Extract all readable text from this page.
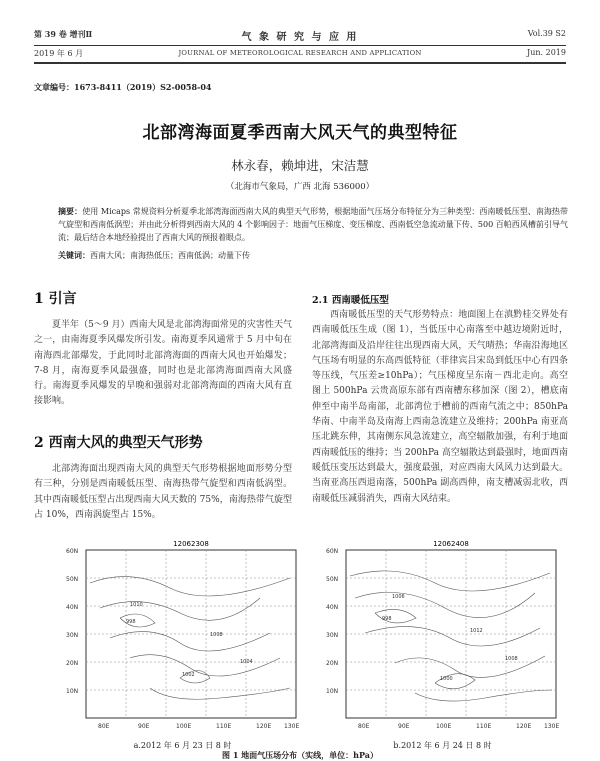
第 39 卷 增刊Ⅱ	气 象 研 究 与 应 用	Vol.39 S2
2019 年 6 月	JOURNAL OF METEOROLOGICAL RESEARCH AND APPLICATION	Jun. 2019
文章编号：1673-8411（2019）S2-0058-04
北部湾海面夏季西南大风天气的典型特征
林永春，赖坤进，宋洁慧
（北海市气象局，广西 北海 536000）
摘要：使用 Micaps 常规资料分析夏季北部湾海面西南大风的典型天气形势，根据地面气压场分布特征分为三种类型：西南暖低压型、南海热带气旋型和西南低涡型；并由此分析得到西南大风的 4 个影响因子：地面气压梯度、变压梯度、西南低空急流动量下传、500 百帕西风槽前引导气流；最后结合本地经验提出了西南大风的预报着眼点。
关键词：西南大风；南海热低压；西南低涡；动量下传
1 引言
夏半年（5～9 月）西南大风是北部湾海面常见的灾害性天气之一，由南海夏季风爆发所引发。南海夏季风通常于 5 月中旬在南海西北部爆发，于此同时北部湾海面的西南大风也开始爆发；7-8 月，南海夏季风最强盛，同时也是北部湾海面西南大风盛行。南海夏季风爆发的早晚和强弱对北部湾海面的西南大风有直接影响。
2 西南大风的典型天气形势
北部湾海面出现西南大风的典型天气形势根据地面形势分型有三种，分别是西南暖低压型、南海热带气旋型和西南低涡型。其中西南暖低压型占出现西南大风天数的 75%，南海热带气旋型占 10%，西南涡旋型占 15%。
2.1 西南暖低压型
西南暖低压型的天气形势特点：地面图上在滇黔桂交界处有西南暖低压生成（图 1），当低压中心南落至中越边境附近时，北部湾海面及沿岸往往出现西南大风，天气晴热；华南沿海地区气压场有明显的东高西低特征（菲律宾吕宋岛到低压中心有四条等压线，气压差≥10hPa）；气压梯度呈东南－西北走向。高空图上 500hPa 云贵高原东部有西南槽东移加深（图 2），槽底南伸至中南半岛南部，北部湾位于槽前的西南气流之中；850hPa 华南、中南半岛及南海上西南急流建立及维持；200hPa 南亚高压北跳东伸，其南侧东风急流建立，高空辐散加强，有利于地面西南暖低压的维持；当 200hPa 高空辐散达到最强时，地面西南暖低压变压达到最大，强度最强，对应西南大风风力达到最大。当南亚高压西退南落，500hPa 副高西伸，南支槽减弱北收，西南暖低压减弱消失，西南大风结束。
12062308
60N
50N
40N
30N
20N
10N
80E	90E	100E	110E	120E 130E
1010
1008
1002
1004
998
a.2012 年 6 月 23 日 8 时
12062408
60N
50N
40N
30N
20N
10N
80E	90E	100E	110E	120E 130E
1006
1012
1000
1008
998
b.2012 年 6 月 24 日 8 时
图 1 地面气压场分布（实线，单位：hPa）
